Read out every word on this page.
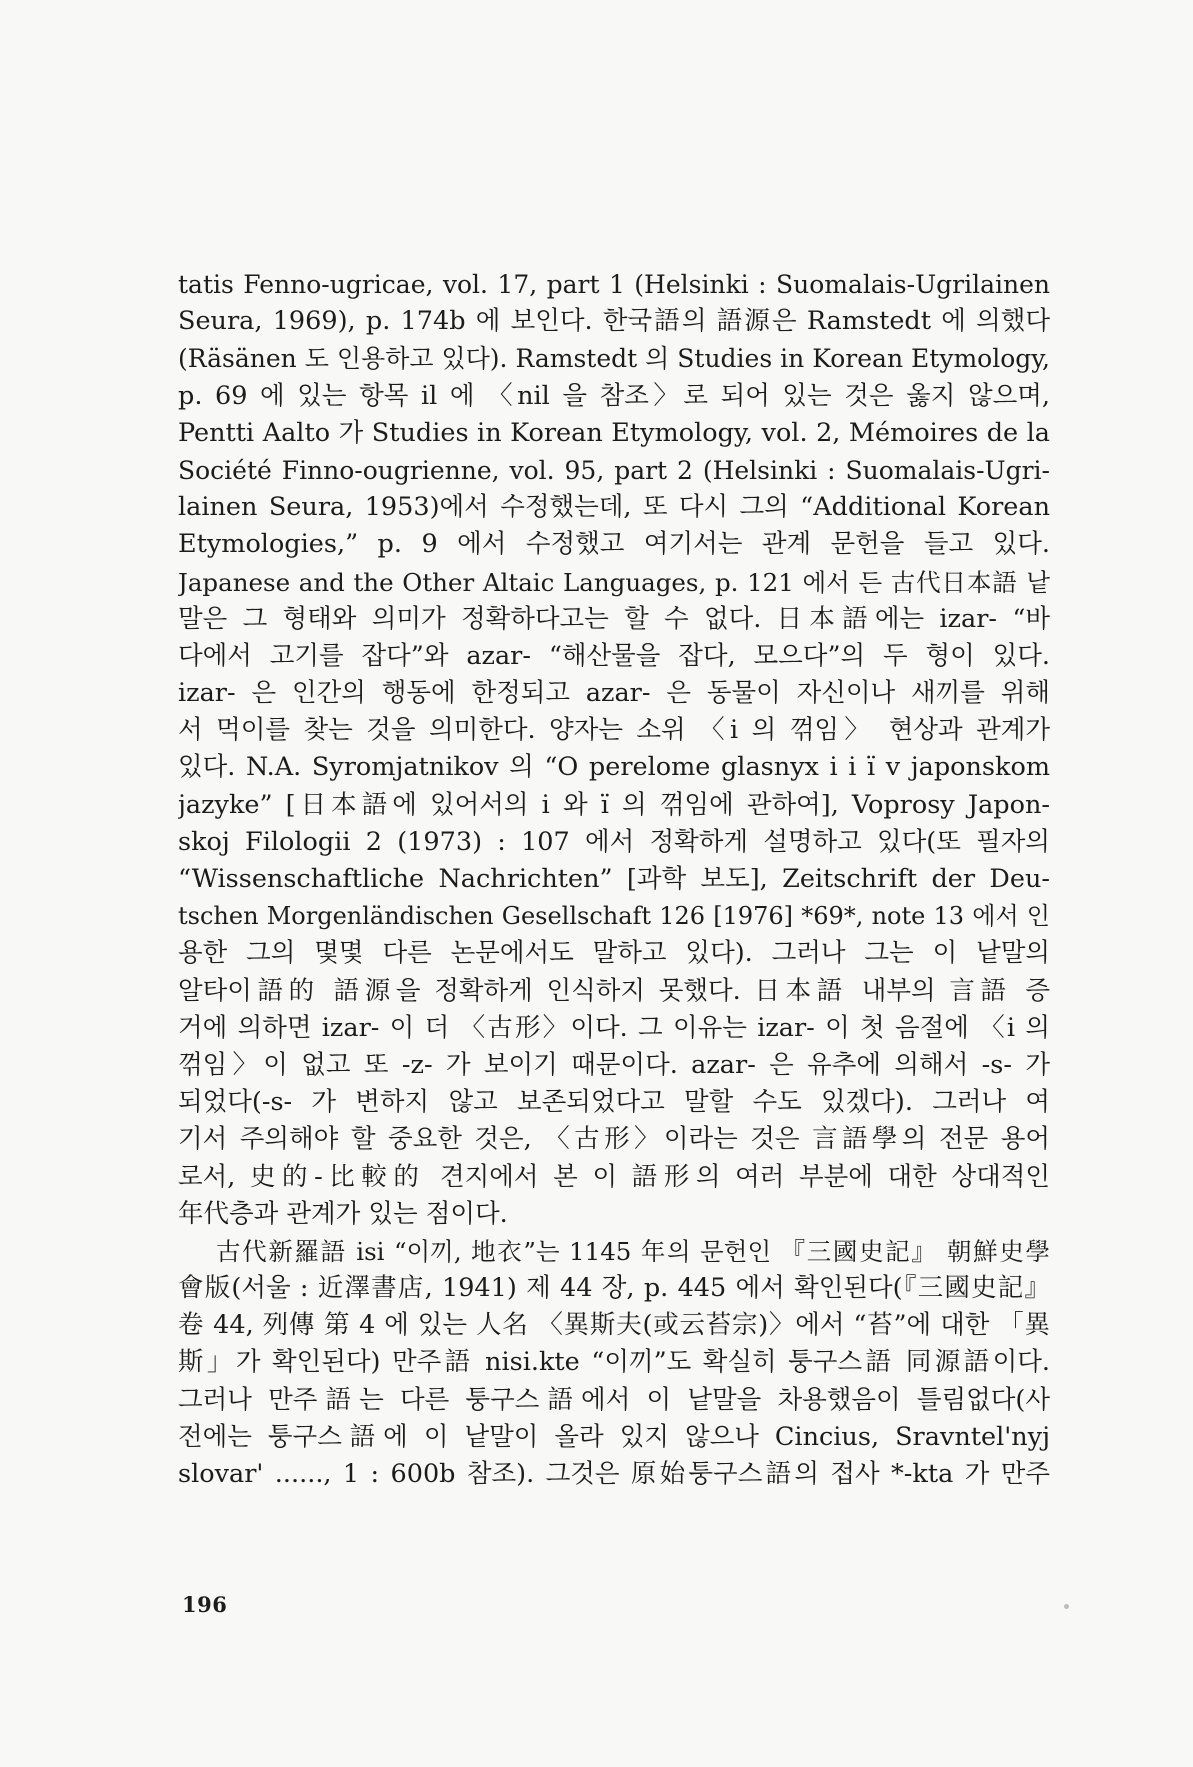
tatis Fenno-ugricae, vol. 17, part 1 (Helsinki : Suomalais-Ugrilainen
Seura, 1969), p. 174b 에 보인다. 한국語의 語源은 Ramstedt 에 의했다
(Räsänen 도 인용하고 있다). Ramstedt 의 Studies in Korean Etymology,
p. 69 에 있는 항목 il 에 〈nil 을 참조〉로 되어 있는 것은 옳지 않으며,
Pentti Aalto 가 Studies in Korean Etymology, vol. 2, Mémoires de la
Société Finno-ougrienne, vol. 95, part 2 (Helsinki : Suomalais-Ugri-
lainen Seura, 1953)에서 수정했는데, 또 다시 그의 “Additional Korean
Etymologies,” p. 9 에서 수정했고 여기서는 관계 문헌을 들고 있다.
Japanese and the Other Altaic Languages, p. 121 에서 든 古代日本語 낱
말은 그 형태와 의미가 정확하다고는 할 수 없다. 日本語에는 izar- “바
다에서 고기를 잡다”와 azar- “해산물을 잡다, 모으다”의 두 형이 있다.
izar- 은 인간의 행동에 한정되고 azar- 은 동물이 자신이나 새끼를 위해
서 먹이를 찾는 것을 의미한다. 양자는 소위 〈i 의 꺾임〉 현상과 관계가
있다. N.A. Syromjatnikov 의 “O perelome glasnyx i i ï v japonskom
jazyke” [日本語에 있어서의 i 와 ï 의 꺾임에 관하여], Voprosy Japon-
skoj Filologii 2 (1973) : 107 에서 정확하게 설명하고 있다(또 필자의
“Wissenschaftliche Nachrichten” [과학 보도], Zeitschrift der Deu-
tschen Morgenländischen Gesellschaft 126 [1976] *69*, note 13 에서 인
용한 그의 몇몇 다른 논문에서도 말하고 있다). 그러나 그는 이 낱말의
알타이語的 語源을 정확하게 인식하지 못했다. 日本語 내부의 言語 증
거에 의하면 izar- 이 더 〈古形〉이다. 그 이유는 izar- 이 첫 음절에 〈i 의
꺾임〉이 없고 또 -z- 가 보이기 때문이다. azar- 은 유추에 의해서 -s- 가
되었다(-s- 가 변하지 않고 보존되었다고 말할 수도 있겠다). 그러나 여
기서 주의해야 할 중요한 것은, 〈古形〉이라는 것은 言語學의 전문 용어
로서, 史的-比較的 견지에서 본 이 語形의 여러 부분에 대한 상대적인
年代층과 관계가 있는 점이다.
古代新羅語 isi “이끼, 地衣”는 1145 年의 문헌인 『三國史記』 朝鮮史學
會版(서울 : 近澤書店, 1941) 제 44 장, p. 445 에서 확인된다(『三國史記』
卷 44, 列傳 第 4 에 있는 人名 〈異斯夫(或云苔宗)〉에서 “苔”에 대한 「異
斯」가 확인된다) 만주語 nisi.kte “이끼”도 확실히 퉁구스語 同源語이다.
그러나 만주語는 다른 퉁구스語에서 이 낱말을 차용했음이 틀림없다(사
전에는 퉁구스語에 이 낱말이 올라 있지 않으나 Cincius, Sravntel'nyj
slovar' ......, 1 : 600b 참조). 그것은 原始퉁구스語의 접사 *-kta 가 만주
196
